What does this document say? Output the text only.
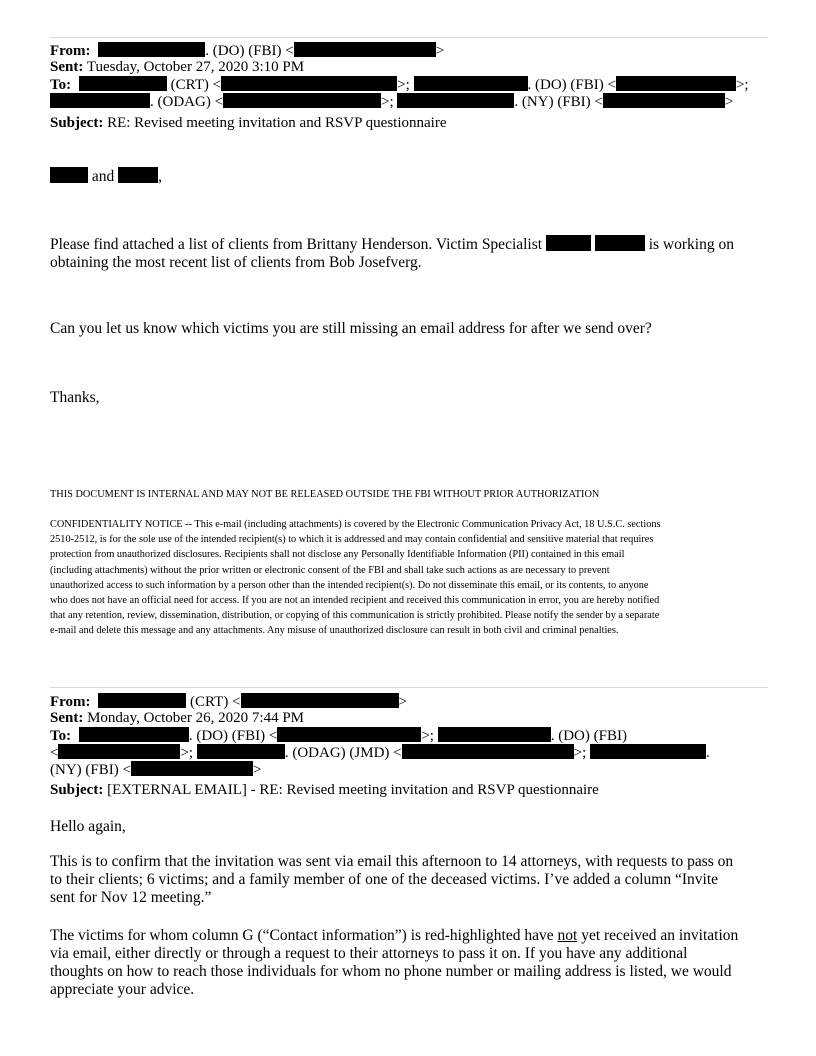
From:	. (DO) (FBI) <	>
Sent: Tuesday, October 27, 2020 3:10 PM
To:	(CRT) <	>;	. (DO) (FBI) <	>;
. (ODAG) <	>;	. (NY) (FBI) <	>
Subject: RE: Revised meeting invitation and RSVP questionnaire
and	,
Please find attached a list of clients from Brittany Henderson. Victim Specialist	is working on
obtaining the most recent list of clients from Bob Josefverg.
Can you let us know which victims you are still missing an email address for after we send over?
Thanks,
THIS DOCUMENT IS INTERNAL AND MAY NOT BE RELEASED OUTSIDE THE FBI WITHOUT PRIOR AUTHORIZATION
CONFIDENTIALITY NOTICE -- This e-mail (including attachments) is covered by the Electronic Communication Privacy Act, 18 U.S.C. sections
2510-2512, is for the sole use of the intended recipient(s) to which it is addressed and may contain confidential and sensitive material that requires
protection from unauthorized disclosures. Recipients shall not disclose any Personally Identifiable Information (PII) contained in this email
(including attachments) without the prior written or electronic consent of the FBI and shall take such actions as are necessary to prevent
unauthorized access to such information by a person other than the intended recipient(s). Do not disseminate this email, or its contents, to anyone
who does not have an official need for access. If you are not an intended recipient and received this communication in error, you are hereby notified
that any retention, review, dissemination, distribution, or copying of this communication is strictly prohibited. Please notify the sender by a separate
e-mail and delete this message and any attachments. Any misuse of unauthorized disclosure can result in both civil and criminal penalties.
From:	(CRT) <	>
Sent: Monday, October 26, 2020 7:44 PM
To:	. (DO) (FBI) <	>;	. (DO) (FBI)
<	>;	. (ODAG) (JMD) <	>;	.
(NY) (FBI) <	>
Subject: [EXTERNAL EMAIL] - RE: Revised meeting invitation and RSVP questionnaire
Hello again,
This is to confirm that the invitation was sent via email this afternoon to 14 attorneys, with requests to pass on
to their clients; 6 victims; and a family member of one of the deceased victims. I’ve added a column “Invite
sent for Nov 12 meeting.”
The victims for whom column G (“Contact information”) is red-highlighted have not yet received an invitation
via email, either directly or through a request to their attorneys to pass it on. If you have any additional
thoughts on how to reach those individuals for whom no phone number or mailing address is listed, we would
appreciate your advice.
